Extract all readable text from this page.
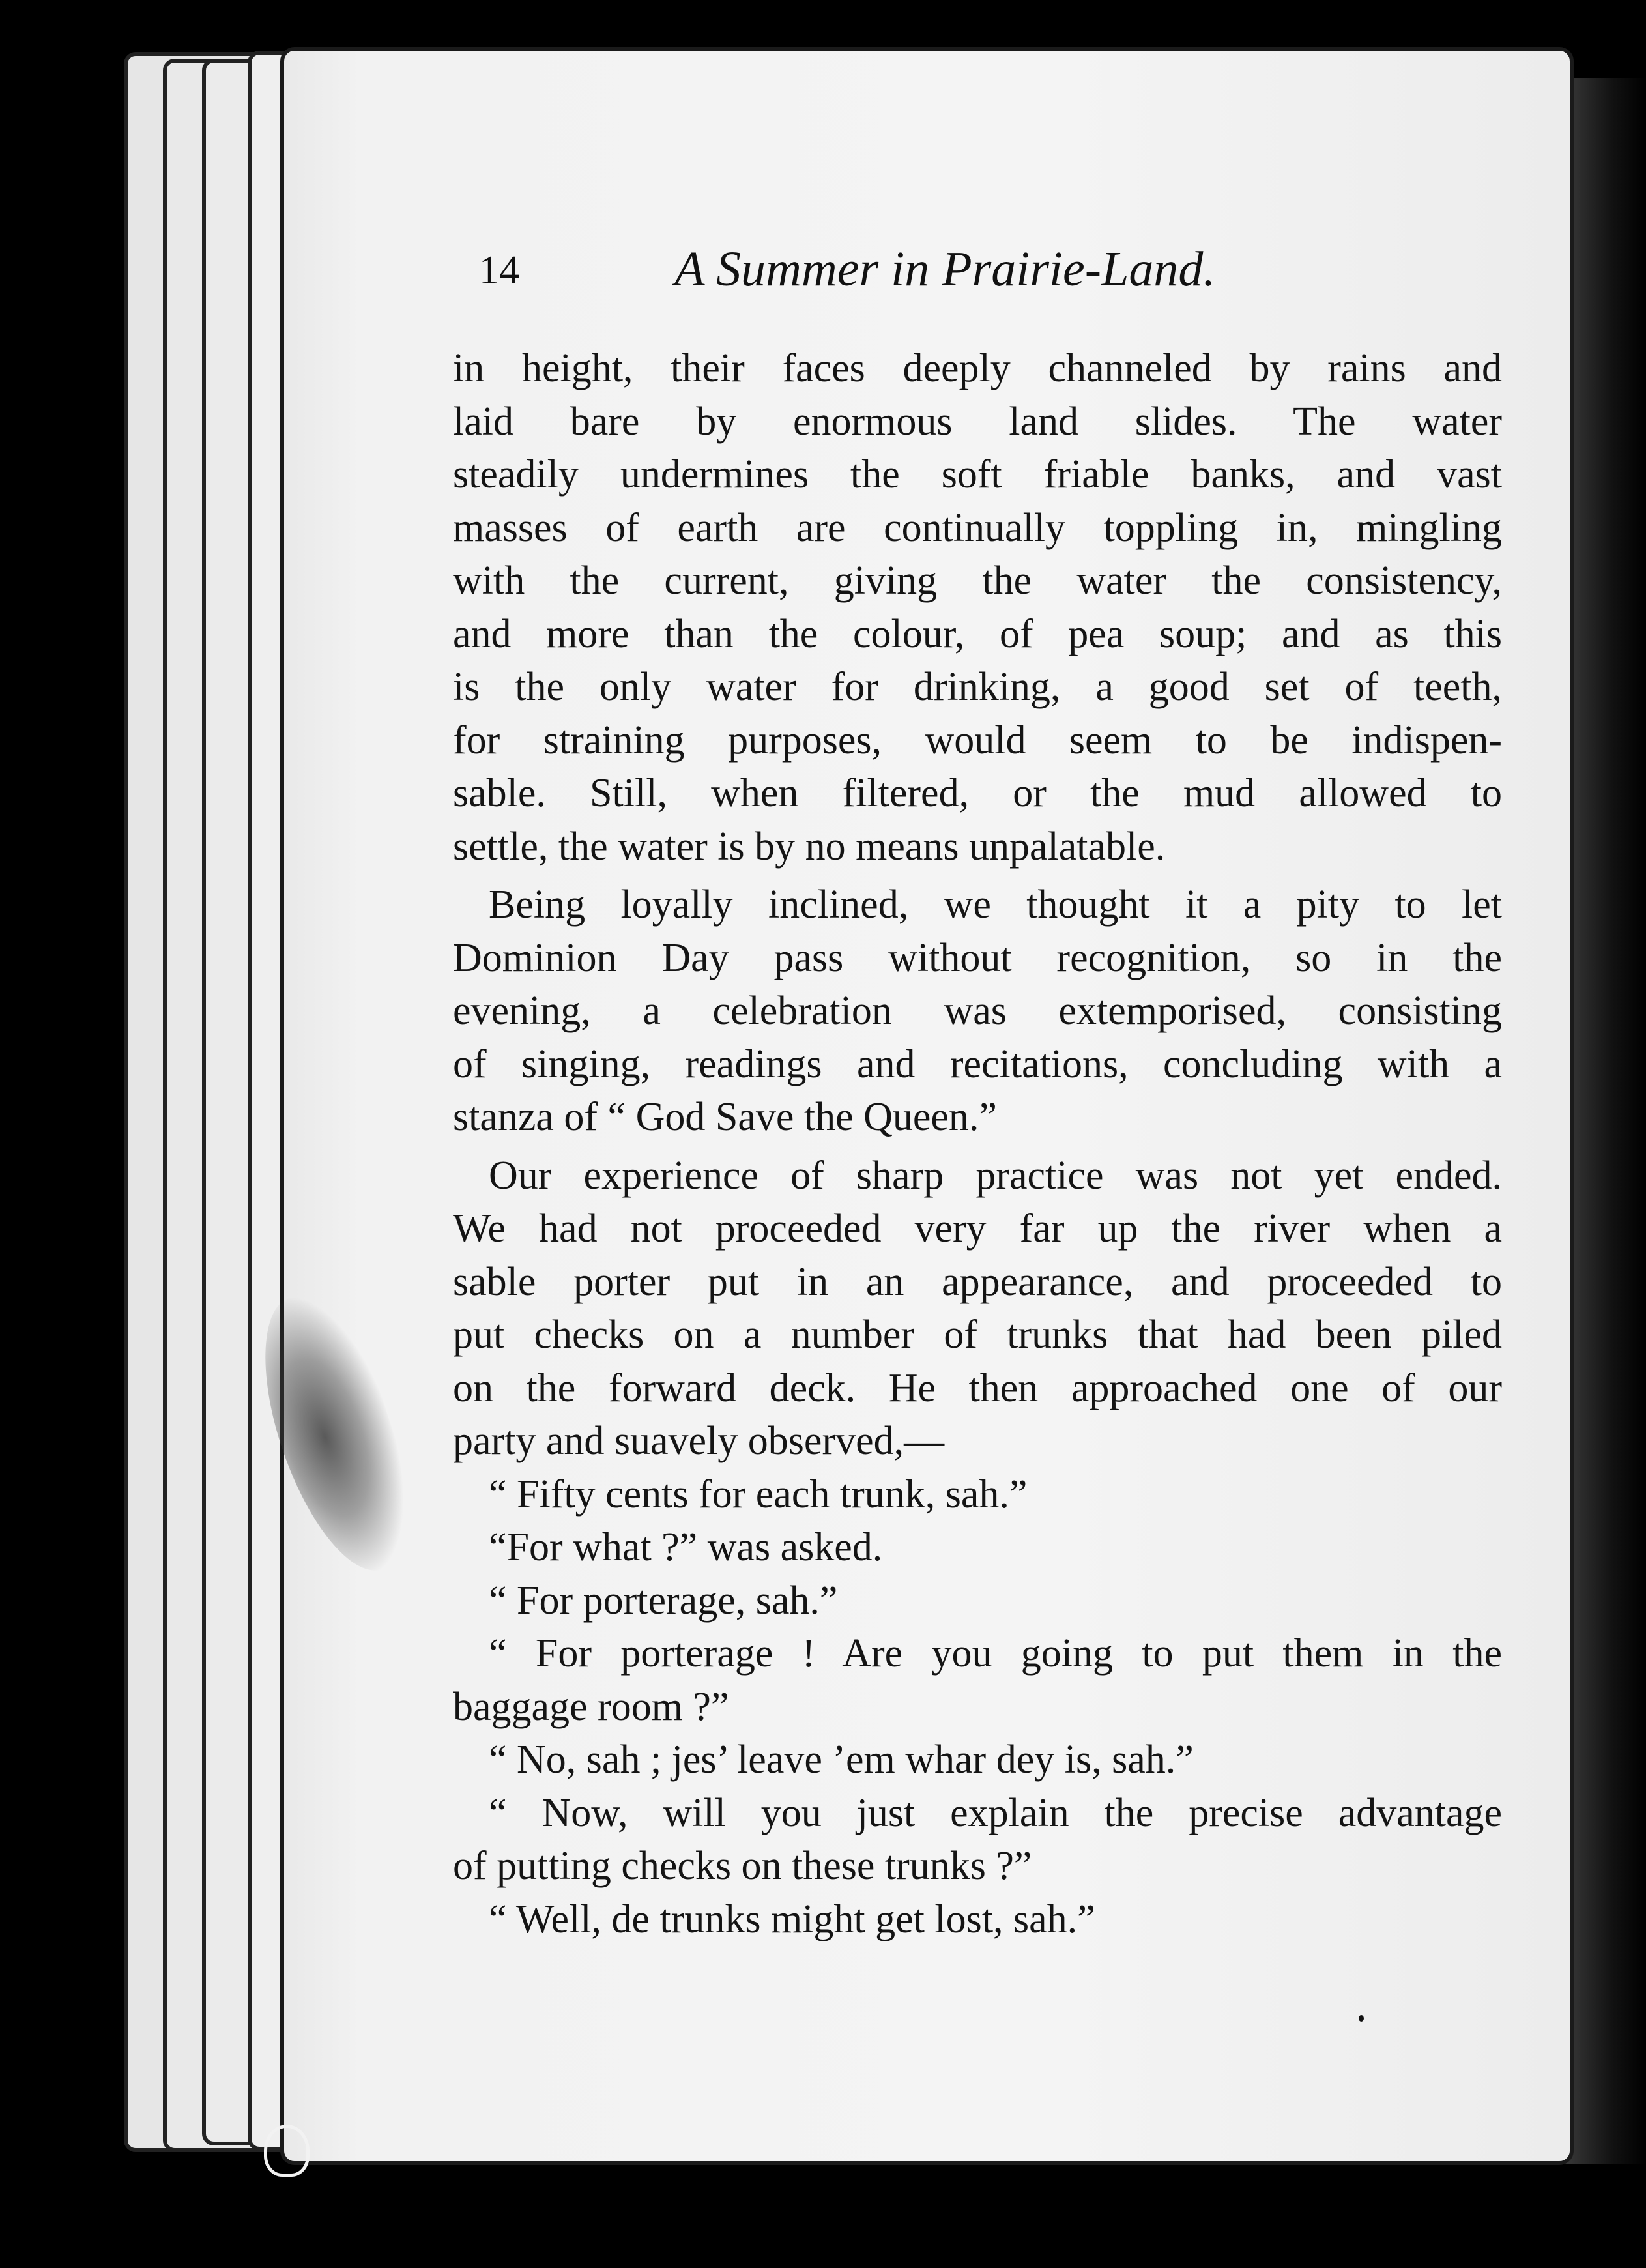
14	A Summer in Prairie-Land.
in height, their faces deeply channeled by rains and
laid bare by enormous land slides. The water
steadily undermines the soft friable banks, and vast
masses of earth are continually toppling in, mingling
with the current, giving the water the consistency,
and more than the colour, of pea soup; and as this
is the only water for drinking, a good set of teeth,
for straining purposes, would seem to be indispen-
sable. Still, when filtered, or the mud allowed to
settle, the water is by no means unpalatable.
Being loyally inclined, we thought it a pity to let
Dominion Day pass without recognition, so in the
evening, a celebration was extemporised, consisting
of singing, readings and recitations, concluding with a
stanza of “ God Save the Queen.”
Our experience of sharp practice was not yet ended.
We had not proceeded very far up the river when a
sable porter put in an appearance, and proceeded to
put checks on a number of trunks that had been piled
on the forward deck. He then approached one of our
party and suavely observed,—
“ Fifty cents for each trunk, sah.”
“For what ?” was asked.
“ For porterage, sah.”
“ For porterage ! Are you going to put them in the
baggage room ?”
“ No, sah ; jes’ leave ’em whar dey is, sah.”
“ Now, will you just explain the precise advantage
of putting checks on these trunks ?”
“ Well, de trunks might get lost, sah.”
